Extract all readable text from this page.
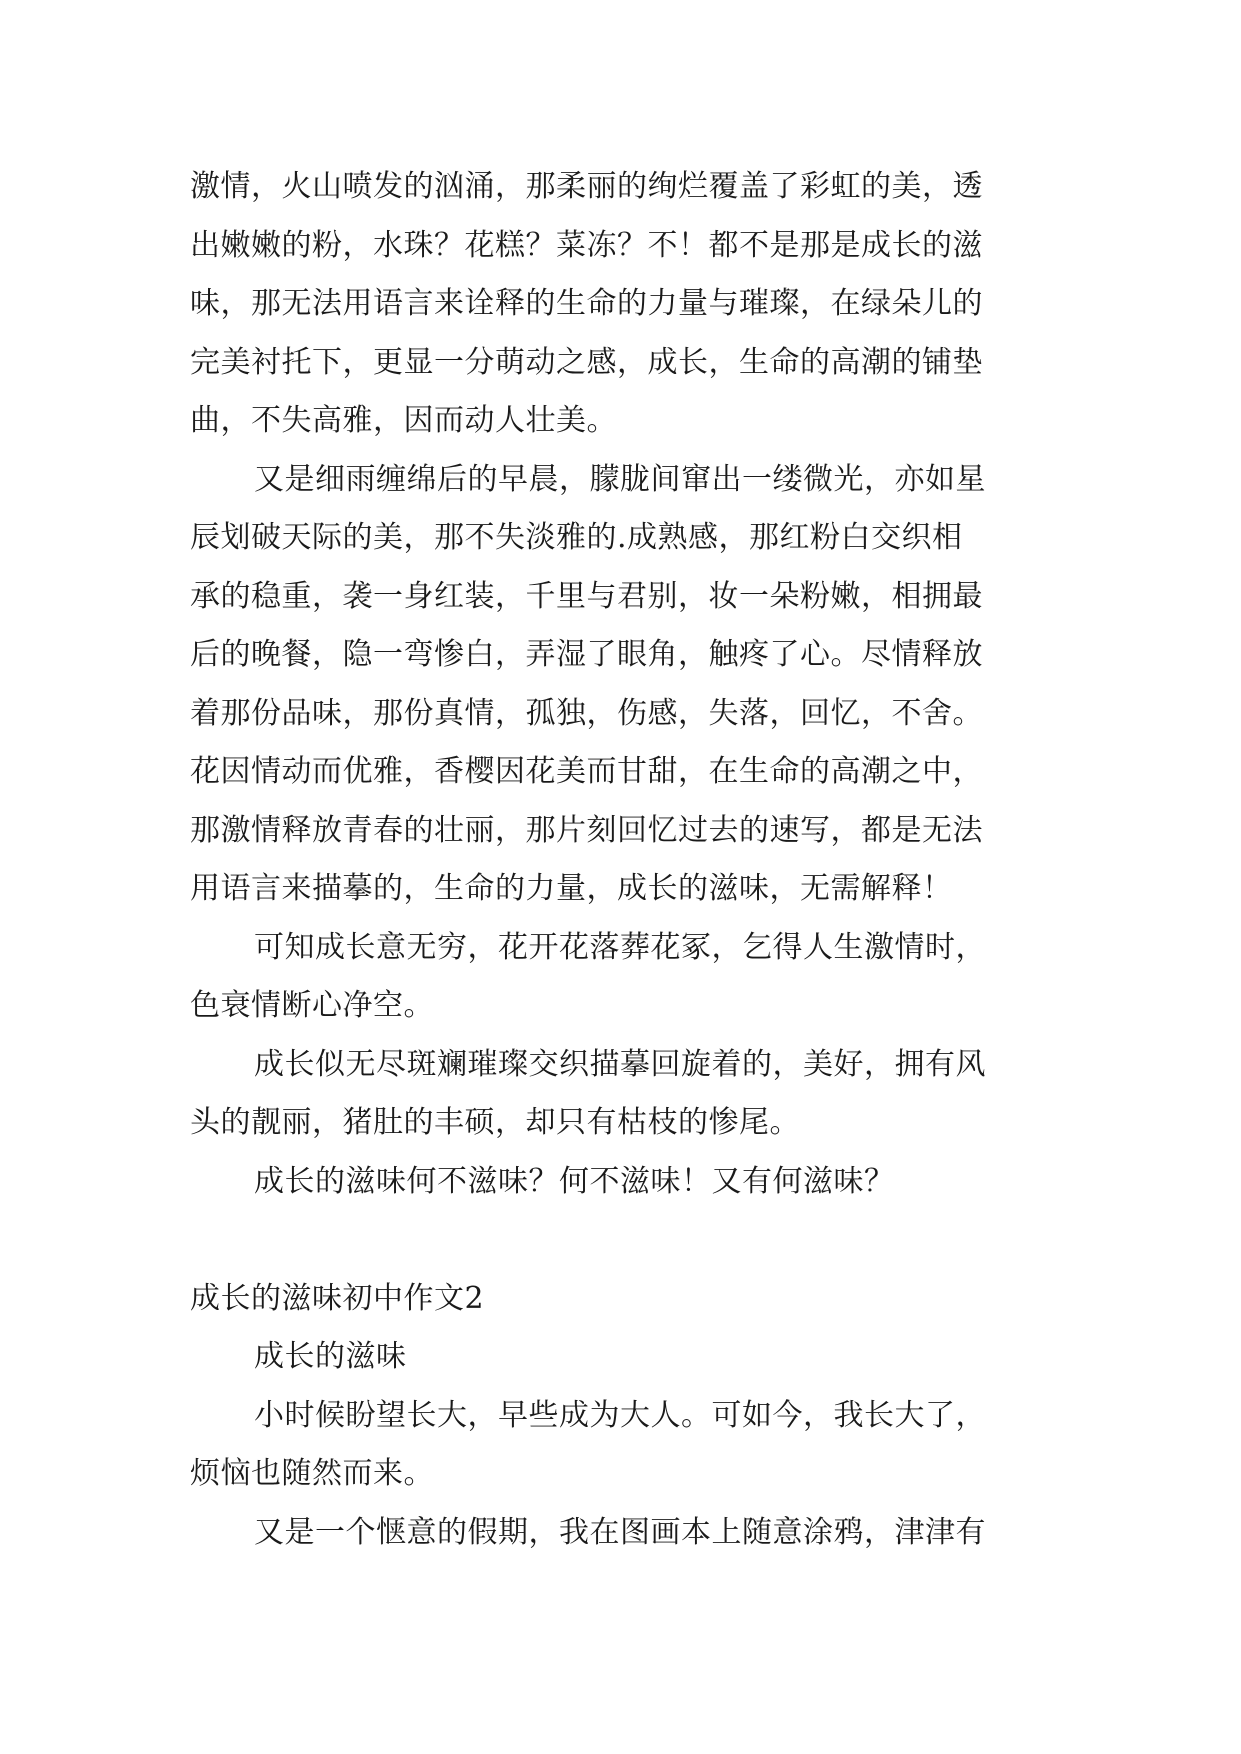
激情，火山喷发的汹涌，那柔丽的绚烂覆盖了彩虹的美，透
出嫩嫩的粉，水珠？花糕？菜冻？不！都不是那是成长的滋
味，那无法用语言来诠释的生命的力量与璀璨，在绿朵儿的
完美衬托下，更显一分萌动之感，成长，生命的高潮的铺垫
曲，不失高雅，因而动人壮美。
又是细雨缠绵后的早晨，朦胧间窜出一缕微光，亦如星
辰划破天际的美，那不失淡雅的.成熟感，那红粉白交织相
承的稳重，袭一身红装，千里与君别，妆一朵粉嫩，相拥最
后的晚餐，隐一弯惨白，弄湿了眼角，触疼了心。尽情释放
着那份品味，那份真情，孤独，伤感，失落，回忆，不舍。
花因情动而优雅，香樱因花美而甘甜，在生命的高潮之中，
那激情释放青春的壮丽，那片刻回忆过去的速写，都是无法
用语言来描摹的，生命的力量，成长的滋味，无需解释！
可知成长意无穷，花开花落葬花冢，乞得人生激情时，
色衰情断心净空。
成长似无尽斑斓璀璨交织描摹回旋着的，美好，拥有风
头的靓丽，猪肚的丰硕，却只有枯枝的惨尾。
成长的滋味何不滋味？何不滋味！又有何滋味？
成长的滋味初中作文2
成长的滋味
小时候盼望长大，早些成为大人。可如今，我长大了，
烦恼也随然而来。
又是一个惬意的假期，我在图画本上随意涂鸦，津津有
